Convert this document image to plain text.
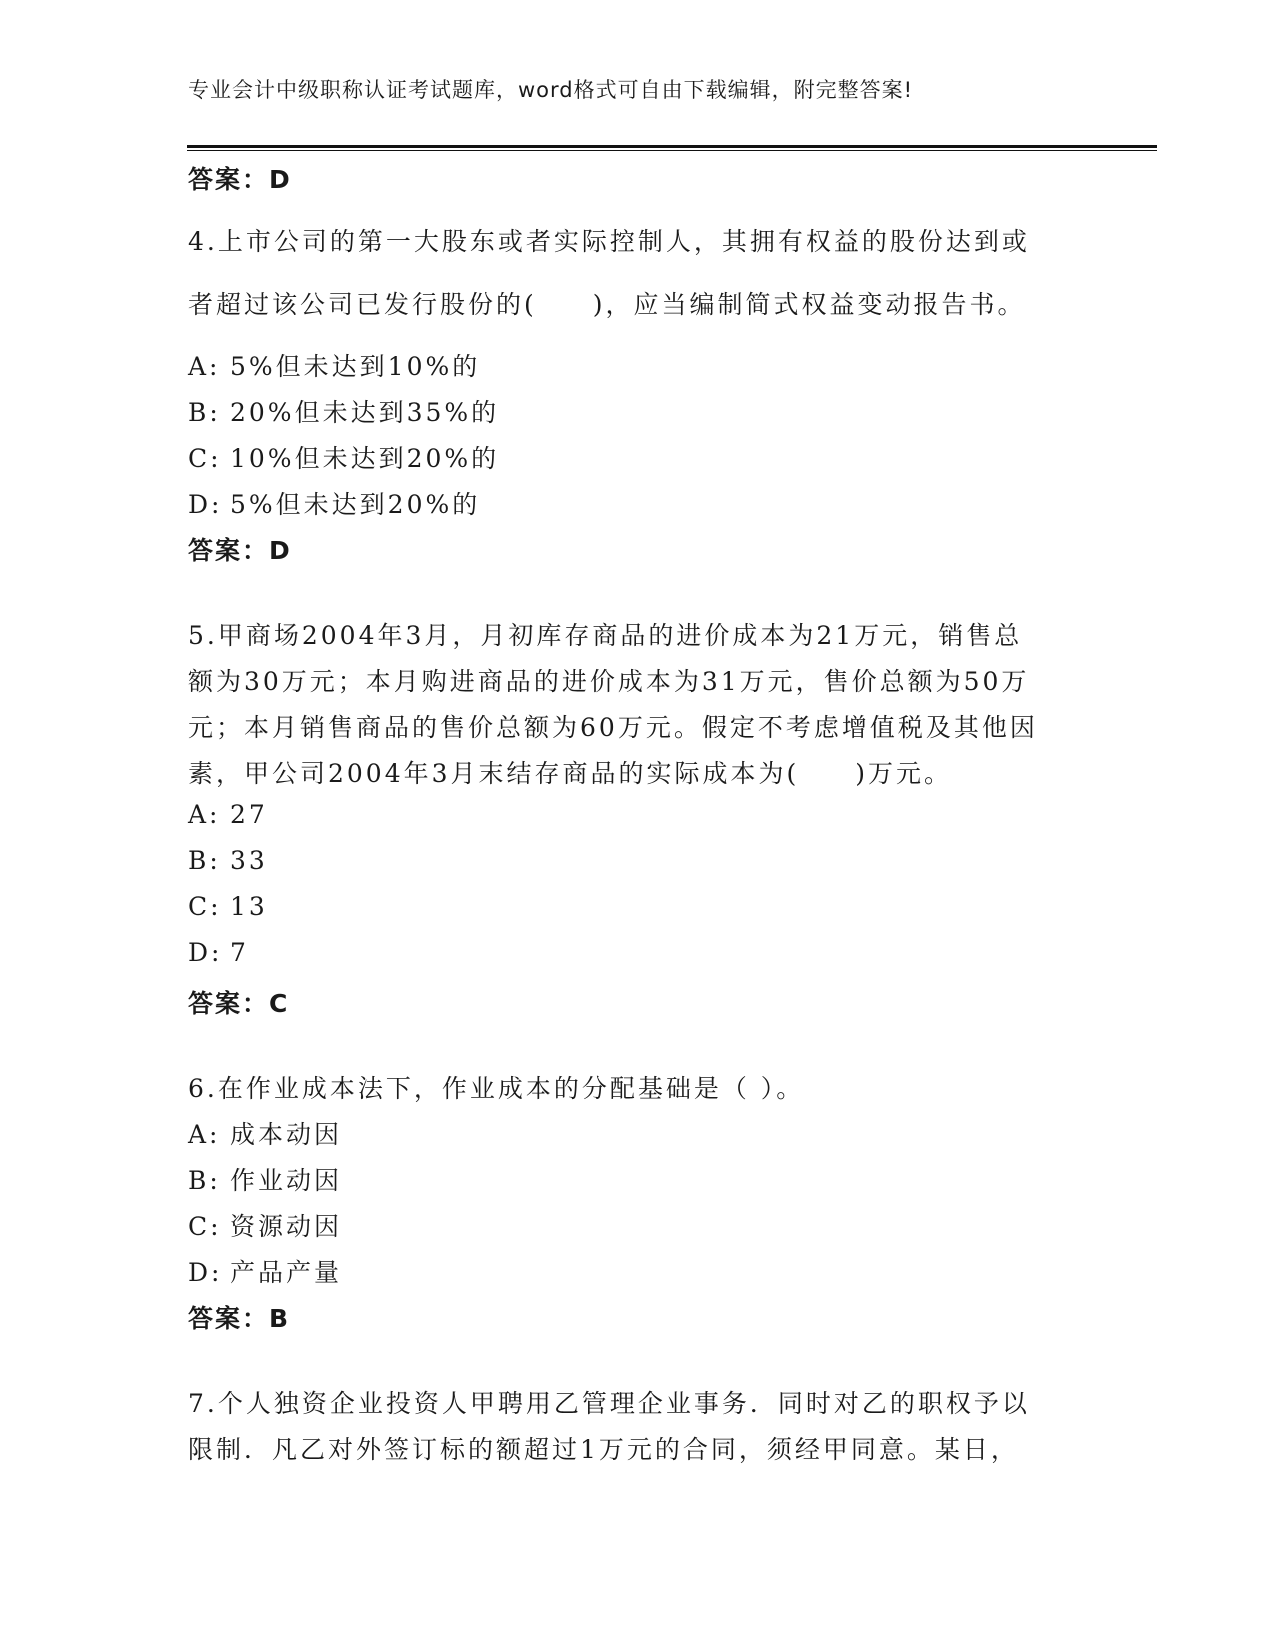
专业会计中级职称认证考试题库，word格式可自由下载编辑，附完整答案!
答案：D
4.上市公司的第一大股东或者实际控制人，其拥有权益的股份达到或
者超过该公司已发行股份的(　　)，应当编制简式权益变动报告书。
A: 5%但未达到10%的
B: 20%但未达到35%的
C: 10%但未达到20%的
D: 5%但未达到20%的
答案：D
5.甲商场2004年3月，月初库存商品的进价成本为21万元，销售总
额为30万元；本月购进商品的进价成本为31万元，售价总额为50万
元；本月销售商品的售价总额为60万元。假定不考虑增值税及其他因
素，甲公司2004年3月末结存商品的实际成本为(　　)万元。
A: 27
B: 33
C: 13
D: 7
答案：C
6.在作业成本法下，作业成本的分配基础是（ ）。
A: 成本动因
B: 作业动因
C: 资源动因
D: 产品产量
答案：B
7.个人独资企业投资人甲聘用乙管理企业事务．同时对乙的职权予以
限制．凡乙对外签订标的额超过1万元的合同，须经甲同意。某日，
